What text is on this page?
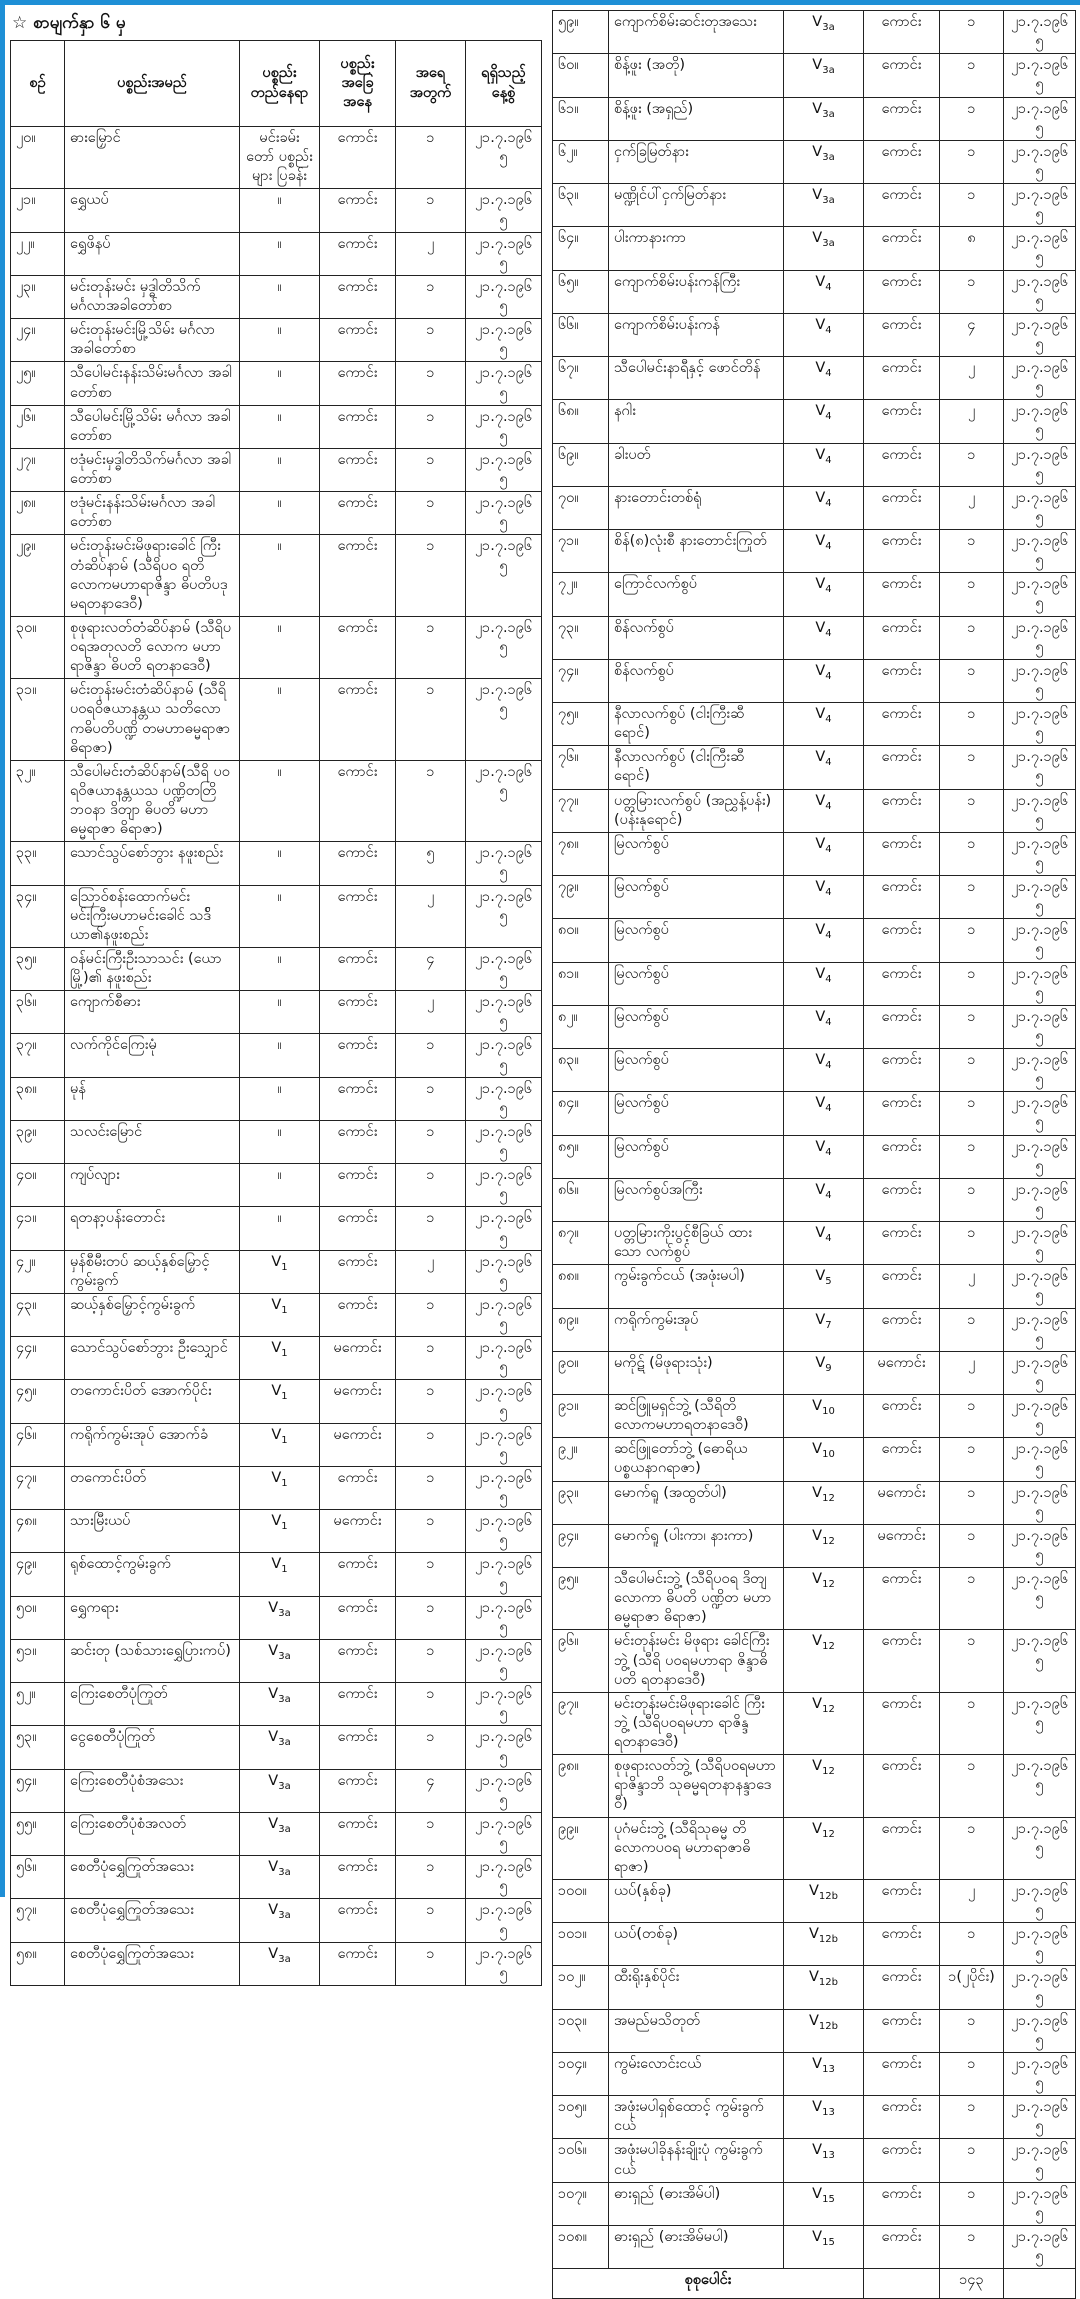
☆ စာမျက်နှာ ၆ မှ
စဉ်	ပစ္စည်းအမည်	ပစ္စည်း တည်နေရာ	ပစ္စည်း အခြေ အနေ	အရေ အတွက်	ရရှိသည့် နေ့စွဲ
၂၀။	ဓားမြှောင်	မင်းခမ်း တော် ပစ္စည်းများ ပြခန်း	ကောင်း	၁	၂၁.၇.၁၉၆၅
၂၁။	ရွှေယပ်	။	ကောင်း	၁	၂၁.၇.၁၉၆၅
၂၂။	ရွှေဖိနပ်	။	ကောင်း	၂	၂၁.၇.၁၉၆၅
၂၃။	မင်းတုန်းမင်း မှဒ္ဓါတိသိက် မင်္ဂလာအခါတော်စာ	။	ကောင်း	၁	၂၁.၇.၁၉၆၅
၂၄။	မင်းတုန်းမင်းမြို့သိမ်း မင်္ဂလာအခါတော်စာ	။	ကောင်း	၁	၂၁.၇.၁၉၆၅
၂၅။	သီပေါမင်းနန်းသိမ်းမင်္ဂလာ အခါတော်စာ	။	ကောင်း	၁	၂၁.၇.၁၉၆၅
၂၆။	သီပေါမင်းမြို့သိမ်း မင်္ဂလာ အခါတော်စာ	။	ကောင်း	၁	၂၁.၇.၁၉၆၅
၂၇။	ဗဒုံမင်းမှဒ္ဓါတိသိက်မင်္ဂလာ အခါတော်စာ	။	ကောင်း	၁	၂၁.၇.၁၉၆၅
၂၈။	ဗဒုံမင်းနန်းသိမ်းမင်္ဂလာ အခါတော်စာ	။	ကောင်း	၁	၂၁.၇.၁၉၆၅
၂၉။	မင်းတုန်းမင်းမိဖုရားခေါင် ကြီးတံဆိပ်နာမ် (သီရိပဝ ရတိလောကမဟာရာဇိန္ဒာ ဓိပတိပဒုမရတနာဒေဝီ)	။	ကောင်း	၁	၂၁.၇.၁၉၆၅
၃၀။	စုဖုရားလတ်တံဆိပ်နာမ် (သီရိပဝရအတုလတိ လောက မဟာရာဇိန္ဒာ ဓိပတိ ရတနာဒေဝီ)	။	ကောင်း	၁	၂၁.၇.၁၉၆၅
၃၁။	မင်းတုန်းမင်းတံဆိပ်နာမ် (သီရိပဝရဝိဇယာနန္တယ သတိလောကဓိပတိပဏ္ဍိ တမဟာဓမ္မရာဇာဓိရာဇာ)	။	ကောင်း	၁	၂၁.၇.၁၉၆၅
၃၂။	သီပေါမင်းတံဆိပ်နာမ်(သီရိ ပဝရဝိဇယာနန္တယသ ပဏ္ဍိတတြိဘဝနာ ဒိတျာ ဓိပတိ မဟာဓမ္မရာဇာ ဓိရာဇာ)	။	ကောင်း	၁	၂၁.၇.၁၉၆၅
၃၃။	သောင်သွပ်စော်ဘွား နဖူးစည်း	။	ကောင်း	၅	၂၁.၇.၁၉၆၅
၃၄။	သြောဝ်စန်းထောက်မင်း မင်းကြီးမဟာမင်းခေါင် သဒ်ိယာ၏နဖူးစည်း	။	ကောင်း	၂	၂၁.၇.၁၉၆၅
၃၅။	ဝန်မင်းကြီးဦးသာသင်း (ယောမြို့)၏ နဖူးစည်း	။	ကောင်း	၄	၂၁.၇.၁၉၆၅
၃၆။	ကျောက်စီဓား	။	ကောင်း	၂	၂၁.၇.၁၉၆၅
၃၇။	လက်ကိုင်ကြေးမုံ	။	ကောင်း	၁	၂၁.၇.၁၉၆၅
၃၈။	မုန်	။	ကောင်း	၁	၂၁.၇.၁၉၆၅
၃၉။	သလင်းမြောင်	။	ကောင်း	၁	၂၁.၇.၁၉၆၅
၄၀။	ကျပ်လျား	။	ကောင်း	၁	၂၁.၇.၁၉၆၅
၄၁။	ရတနာ့ပန်းတောင်း	။	ကောင်း	၁	၂၁.၇.၁၉၆၅
၄၂။	မှန်စီမီးတပ် ဆယ့်နှစ်မြှောင့်ကွမ်းခွက်	$V_1$	ကောင်း	၂	၂၁.၇.၁၉၆၅
၄၃။	ဆယ့်နှစ်မြှောင့်ကွမ်းခွက်	$V_1$	ကောင်း	၁	၂၁.၇.၁၉၆၅
၄၄။	သောင်သွပ်စော်ဘွား ဦးသျှောင်	$V_1$	မကောင်း	၁	၂၁.၇.၁၉၆၅
၄၅။	တကောင်းပိတ် အောက်ပိုင်း	$V_1$	မကောင်း	၁	၂၁.၇.၁၉၆၅
၄၆။	ကရိုက်ကွမ်းအုပ် အောက်ခံ	$V_1$	မကောင်း	၁	၂၁.၇.၁၉၆၅
၄၇။	တကောင်းပိတ်	$V_1$	ကောင်း	၁	၂၁.၇.၁၉၆၅
၄၈။	သားမြီးယပ်	$V_1$	မကောင်း	၁	၂၁.၇.၁၉၆၅
၄၉။	ရုစ်ထောင့်ကွမ်းခွက်	$V_1$	ကောင်း	၁	၂၁.၇.၁၉၆၅
၅၀။	ရွှေကရား	$V_{3a}$	ကောင်း	၁	၂၁.၇.၁၉၆၅
၅၁။	ဆင်းတု (သစ်သားရွှေပြားကပ်)	$V_{3a}$	ကောင်း	၁	၂၁.၇.၁၉၆၅
၅၂။	ကြေးစေတီပုံကြုတ်	$V_{3a}$	ကောင်း	၁	၂၁.၇.၁၉၆၅
၅၃။	ငွေစေတီပုံကြုတ်	$V_{3a}$	ကောင်း	၁	၂၁.၇.၁၉၆၅
၅၄။	ကြေးစေတီပုံစံအသေး	$V_{3a}$	ကောင်း	၄	၂၁.၇.၁၉၆၅
၅၅။	ကြေးစေတီပုံစံအလတ်	$V_{3a}$	ကောင်း	၁	၂၁.၇.၁၉၆၅
၅၆။	စေတီပုံရွှေကြုတ်အသေး	$V_{3a}$	ကောင်း	၁	၂၁.၇.၁၉၆၅
၅၇။	စေတီပုံရွှေကြုတ်အသေး	$V_{3a}$	ကောင်း	၁	၂၁.၇.၁၉၆၅
၅၈။	စေတီပုံရွှေကြုတ်အသေး	$V_{3a}$	ကောင်း	၁	၂၁.၇.၁၉၆၅
၅၉။	ကျောက်စိမ်းဆင်းတုအသေး	$V_{3a}$	ကောင်း	၁	၂၁.၇.၁၉၆၅
၆၀။	စိန့်ဖူး (အတို)	$V_{3a}$	ကောင်း	၁	၂၁.၇.၁၉၆၅
၆၁။	စိန့်ဖူး (အရှည်)	$V_{3a}$	ကောင်း	၁	၂၁.၇.၁၉၆၅
၆၂။	ငှက်ခြမြတ်နား	$V_{3a}$	ကောင်း	၁	၂၁.၇.၁၉၆၅
၆၃။	မဏ္ဍိုင်ပါ်ငှက်မြတ်နား	$V_{3a}$	ကောင်း	၁	၂၁.၇.၁၉၆၅
၆၄။	ပါးကာနားကာ	$V_{3a}$	ကောင်း	၈	၂၁.၇.၁၉၆၅
၆၅။	ကျောက်စိမ်းပန်းကန်ကြီး	$V_4$	ကောင်း	၁	၂၁.၇.၁၉၆၅
၆၆။	ကျောက်စိမ်းပန်းကန်	$V_4$	ကောင်း	၄	၂၁.၇.၁၉၆၅
၆၇။	သီပေါမင်းနာရီနှင့် ဖောင်တိန်	$V_4$	ကောင်း	၂	၂၁.၇.၁၉၆၅
၆၈။	နဂါး	$V_4$	ကောင်း	၂	၂၁.၇.၁၉၆၅
၆၉။	ခါးပတ်	$V_4$	ကောင်း	၁	၂၁.၇.၁၉၆၅
၇၀။	နားတောင်းတစ်ရုံ	$V_4$	ကောင်း	၂	၂၁.၇.၁၉၆၅
၇၁။	စိန်(၈)လုံးစီ နားတောင်းကြုတ်	$V_4$	ကောင်း	၁	၂၁.၇.၁၉၆၅
၇၂။	ကြောင်လက်စွပ်	$V_4$	ကောင်း	၁	၂၁.၇.၁၉၆၅
၇၃။	စိန်လက်စွပ်	$V_4$	ကောင်း	၁	၂၁.၇.၁၉၆၅
၇၄။	စိန်လက်စွပ်	$V_4$	ကောင်း	၁	၂၁.၇.၁၉၆၅
၇၅။	နီလာလက်စွပ် (ငါးကြီးဆီရောင်)	$V_4$	ကောင်း	၁	၂၁.၇.၁၉၆၅
၇၆။	နီလာလက်စွပ် (ငါးကြီးဆီရောင်)	$V_4$	ကောင်း	၁	၂၁.၇.၁၉၆၅
၇၇။	ပတ္တမြားလက်စွပ် (အညွှန့်ပန်း) (ပန်းနုရောင်)	$V_4$	ကောင်း	၁	၂၁.၇.၁၉၆၅
၇၈။	မြလက်စွပ်	$V_4$	ကောင်း	၁	၂၁.၇.၁၉၆၅
၇၉။	မြလက်စွပ်	$V_4$	ကောင်း	၁	၂၁.၇.၁၉၆၅
၈၀။	မြလက်စွပ်	$V_4$	ကောင်း	၁	၂၁.၇.၁၉၆၅
၈၁။	မြလက်စွပ်	$V_4$	ကောင်း	၁	၂၁.၇.၁၉၆၅
၈၂။	မြလက်စွပ်	$V_4$	ကောင်း	၁	၂၁.၇.၁၉၆၅
၈၃။	မြလက်စွပ်	$V_4$	ကောင်း	၁	၂၁.၇.၁၉၆၅
၈၄။	မြလက်စွပ်	$V_4$	ကောင်း	၁	၂၁.၇.၁၉၆၅
၈၅။	မြလက်စွပ်	$V_4$	ကောင်း	၁	၂၁.၇.၁၉၆၅
၈၆။	မြလက်စွပ်အကြီး	$V_4$	ကောင်း	၁	၂၁.၇.၁၉၆၅
၈၇။	ပတ္တမြားကိုးပွင့်စီခြယ် ထားသော လက်စွပ်	$V_4$	ကောင်း	၁	၂၁.၇.၁၉၆၅
၈၈။	ကွမ်းခွက်ငယ် (အဖုံးမပါ)	$V_5$	ကောင်း	၂	၂၁.၇.၁၉၆၅
၈၉။	ကရိုက်ကွမ်းအုပ်	$V_7$	ကောင်း	၁	၂၁.၇.၁၉၆၅
၉၀။	မကိုဋ် (မိဖုရားသုံး)	$V_9$	မကောင်း	၂	၂၁.၇.၁၉၆၅
၉၁။	ဆင်ဖြူမရှင်ဘွဲ့ (သီရိတိ လောကမဟာရတနာဒေဝီ)	$V_{10}$	ကောင်း	၁	၂၁.၇.၁၉၆၅
၉၂။	ဆင်ဖြူတော်ဘွဲ့ (ဓောရိယ ပစ္စယနာဂရာဇာ)	$V_{10}$	ကောင်း	၁	၂၁.၇.၁၉၆၅
၉၃။	မောက်ရူ (အထွတ်ပါ)	$V_{12}$	မကောင်း	၁	၂၁.၇.၁၉၆၅
၉၄။	မောက်ရူ (ပါးကာ၊ နားကာ)	$V_{12}$	မကောင်း	၁	၂၁.၇.၁၉၆၅
၉၅။	သီပေါမင်းဘွဲ့ (သီရိပဝရ ဒိတျလောကာ ဓိပတိ ပဏ္ဍိတ မဟာဓမ္မရာဇာ ဓိရာဇာ)	$V_{12}$	ကောင်း	၁	၂၁.၇.၁၉၆၅
၉၆။	မင်းတုန်းမင်း မိဖုရား ခေါင်ကြီးဘွဲ့ (သီရိ ပဝရမဟာရာ ဇိန္ဒာဓိပတိ ရတနာဒေဝီ)	$V_{12}$	ကောင်း	၁	၂၁.၇.၁၉၆၅
၉၇။	မင်းတုန်းမင်းမိဖုရားခေါင် ကြီးဘွဲ့ (သီရိပဝရမဟာ ရာဇိန္ဒရတနာဒေဝီ)	$V_{12}$	ကောင်း	၁	၂၁.၇.၁၉၆၅
၉၈။	စုဖုရားလတ်ဘွဲ့ (သီရိပဝရမဟာရာဇိန္ဒာဘိ သုဓမ္မရတနာနန္ဒာဒေဝီ)	$V_{12}$	ကောင်း	၁	၂၁.၇.၁၉၆၅
၉၉။	ပုဂံမင်းဘွဲ့ (သီရိသုဓမ္မ တိလောကပဝရ မဟာရာဇာဓိရာဇာ)	$V_{12}$	ကောင်း	၁	၂၁.၇.၁၉၆၅
၁၀၀။	ယပ်(နှစ်ခု)	$V_{12b}$	ကောင်း	၂	၂၁.၇.၁၉၆၅
၁၀၁။	ယပ်(တစ်ခု)	$V_{12b}$	ကောင်း	၁	၂၁.၇.၁၉၆၅
၁၀၂။	ထီးရိုးနှစ်ပိုင်း	$V_{12b}$	ကောင်း	၁(၂ပိုင်း)	၂၁.၇.၁၉၆၅
၁၀၃။	အမည်မသိတုတ်	$V_{12b}$	ကောင်း	၁	၂၁.၇.၁၉၆၅
၁၀၄။	ကွမ်းလောင်းငယ်	$V_{13}$	ကောင်း	၁	၂၁.၇.၁၉၆၅
၁၀၅။	အဖုံးမပါရှစ်ထောင့် ကွမ်းခွက်ငယ်	$V_{13}$	ကောင်း	၁	၂၁.၇.၁၉၆၅
၁၀၆။	အဖုံးမပါခိုနန်းချိုးပုံ ကွမ်းခွက်ငယ်	$V_{13}$	ကောင်း	၁	၂၁.၇.၁၉၆၅
၁၀၇။	ဓားရှည် (ဓားအိမ်ပါ)	$V_{15}$	ကောင်း	၁	၂၁.၇.၁၉၆၅
၁၀၈။	ဓားရှည် (ဓားအိမ်မပါ)	$V_{15}$	ကောင်း	၁	၂၁.၇.၁၉၆၅
စုစုပေါင်း				၁၄၃	
